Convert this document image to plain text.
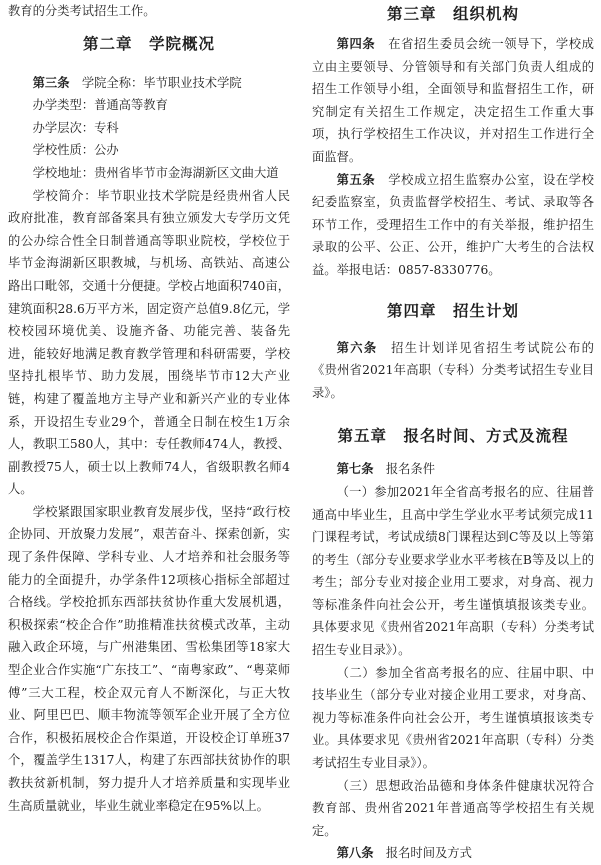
教育的分类考试招生工作。

第二章　学院概况

第三条　 学院全称：毕节职业技术学院

办学类型：普通高等教育

办学层次：专科

学校性质：公办

学校地址：贵州省毕节市金海湖新区文曲大道

学校简介：毕节职业技术学院是经贵州省人民政府批准，教育部备案具有独立颁发大专学历文凭的公办综合性全日制普通高等职业院校，学校位于毕节金海湖新区职教城，与机场、高铁站、高速公路出口毗邻，交通十分便捷。学校占地面积740亩，建筑面积28.6万平方米，固定资产总值9.8亿元，学校校园环境优美、设施齐备、功能完善、装备先进，能较好地满足教育教学管理和科研需要，学校坚持扎根毕节、助力发展，围绕毕节市12大产业链，构建了覆盖地方主导产业和新兴产业的专业体系，开设招生专业29个，普通全日制在校生1万余人，教职工580人，其中：专任教师474人，教授、副教授75人，硕士以上教师74人，省级职教名师4人。

学校紧跟国家职业教育发展步伐，坚持“政行校企协同、开放聚力发展”，艰苦奋斗、探索创新，实现了条件保障、学科专业、人才培养和社会服务等能力的全面提升，办学条件12项核心指标全部超过合格线。学校抢抓东西部扶贫协作重大发展机遇，积极探索“校企合作”助推精准扶贫模式改革，主动融入政企环境，与广州港集团、雪松集团等18家大型企业合作实施“广东技工”、“南粤家政”、“粤菜师傅”三大工程，校企双元育人不断深化，与正大牧业、阿里巴巴、顺丰物流等领军企业开展了全方位合作，积极拓展校企合作渠道，开设校企订单班37个，覆盖学生1317人，构建了东西部扶贫协作的职教扶贫新机制，努力提升人才培养质量和实现毕业生高质量就业，毕业生就业率稳定在95%以上。

第三章　组织机构

第四条　 在省招生委员会统一领导下，学校成立由主要领导、分管领导和有关部门负责人组成的招生工作领导小组，全面领导和监督招生工作，研究制定有关招生工作规定，决定招生工作重大事项，执行学校招生工作决议，并对招生工作进行全面监督。

第五条　 学校成立招生监察办公室，设在学校纪委监察室，负责监督学校招生、考试、录取等各环节工作，受理招生工作中的有关举报，维护招生录取的公平、公正、公开，维护广大考生的合法权益。举报电话：0857-8330776。

第四章　招生计划

第六条　 招生计划详见省招生考试院公布的《贵州省2021年高职（专科）分类考试招生专业目录》。

第五章　报名时间、方式及流程

第七条　 报名条件

（一）参加2021年全省高考报名的应、往届普通高中毕业生，且高中学生学业水平考试须完成11门课程考试，考试成绩8门课程达到C等及以上等第的考生（部分专业要求学业水平考核在B等及以上的考生；部分专业对接企业用工要求，对身高、视力等标准条件向社会公开，考生谨慎填报该类专业。具体要求见《贵州省2021年高职（专科）分类考试招生专业目录》）。

（二）参加全省高考报名的应、往届中职、中技毕业生（部分专业对接企业用工要求，对身高、视力等标准条件向社会公开，考生谨慎填报该类专业。具体要求见《贵州省2021年高职（专科）分类考试招生专业目录》）。

（三）思想政治品德和身体条件健康状况符合教育部、贵州省2021年普通高等学校招生有关规定。

第八条　 报名时间及方式
